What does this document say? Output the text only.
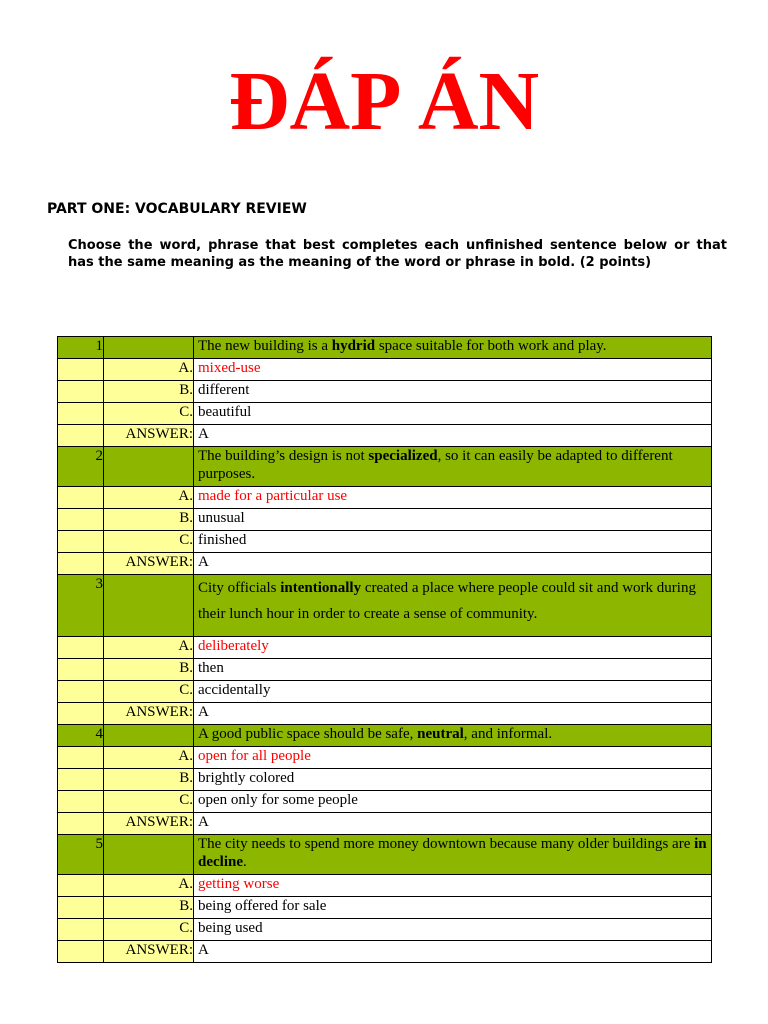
ĐÁP ÁN
PART ONE: VOCABULARY REVIEW

Choose the word, phrase that best completes each unfinished sentence below or that has the same meaning as the meaning of the word or phrase in bold. (2 points)

1		The new building is a hydrid space suitable for both work and play.
	A.	mixed-use
	B.	different
	C.	beautiful
	ANSWER:	A
2		The building’s design is not specialized, so it can easily be adapted to different purposes.
	A.	made for a particular use
	B.	unusual
	C.	finished
	ANSWER:	A
3		City officials intentionally created a place where people could sit and work during their lunch hour in order to create a sense of community.

	A.	deliberately
	B.	then
	C.	accidentally
	ANSWER:	A
4		A good public space should be safe, neutral, and informal.
	A.	open for all people
	B.	brightly colored
	C.	open only for some people
	ANSWER:	A
5		The city needs to spend more money downtown because many older buildings are in decline.
	A.	getting worse
	B.	being offered for sale
	C.	being used
	ANSWER:	A
